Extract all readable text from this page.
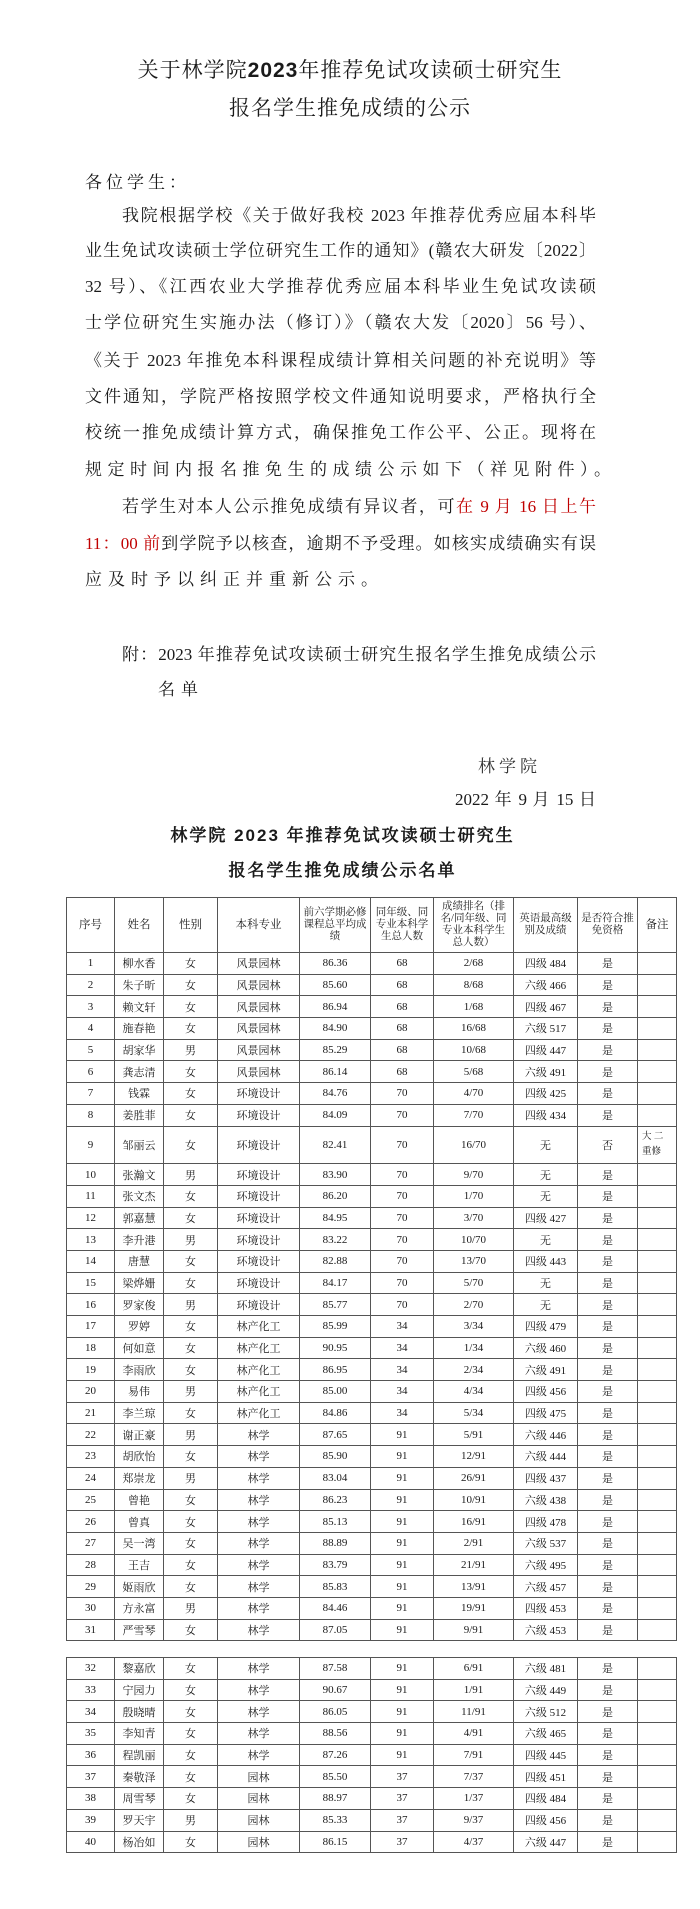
关于林学院2023年推荐免试攻读硕士研究生
报名学生推免成绩的公示
各位学生：
我院根据学校《关于做好我校 2023 年推荐优秀应届本科毕
业生免试攻读硕士学位研究生工作的通知》(赣农大研发〔2022〕
32 号）、《江西农业大学推荐优秀应届本科毕业生免试攻读硕
士学位研究生实施办法（修订）》（赣农大发〔2020〕56 号）、
《关于 2023 年推免本科课程成绩计算相关问题的补充说明》等
文件通知，学院严格按照学校文件通知说明要求，严格执行全
校统一推免成绩计算方式，确保推免工作公平、公正。现将在
规定时间内报名推免生的成绩公示如下（祥见附件）。
若学生对本人公示推免成绩有异议者，可在 9 月 16 日上午
11：00 前到学院予以核查，逾期不予受理。如核实成绩确实有误
应及时予以纠正并重新公示。
附：2023 年推荐免试攻读硕士研究生报名学生推免成绩公示
名单
林学院
2022 年 9 月 15 日
林学院 2023 年推荐免试攻读硕士研究生
报名学生推免成绩公示名单
序号	姓名	性别	本科专业	前六学期必修课程总平均成绩	同年级、同专业本科学生总人数	成绩排名（排名/同年级、同专业本科学生总人数）	英语最高级别及成绩	是否符合推免资格	备注
1	柳水香	女	风景园林	86.36	68	2/68	四级 484	是	
2	朱子昕	女	风景园林	85.60	68	8/68	六级 466	是	
3	赖文轩	女	风景园林	86.94	68	1/68	四级 467	是	
4	施春艳	女	风景园林	84.90	68	16/68	六级 517	是	
5	胡家华	男	风景园林	85.29	68	10/68	四级 447	是	
6	龚志清	女	风景园林	86.14	68	5/68	六级 491	是	
7	钱霖	女	环境设计	84.76	70	4/70	四级 425	是	
8	姜胜菲	女	环境设计	84.09	70	7/70	四级 434	是	
9	邹丽云	女	环境设计	82.41	70	16/70	无	否	大 二 重修
10	张瀚文	男	环境设计	83.90	70	9/70	无	是	
11	张文杰	女	环境设计	86.20	70	1/70	无	是	
12	郭嘉慧	女	环境设计	84.95	70	3/70	四级 427	是	
13	李升港	男	环境设计	83.22	70	10/70	无	是	
14	唐慧	女	环境设计	82.88	70	13/70	四级 443	是	
15	梁烨姗	女	环境设计	84.17	70	5/70	无	是	
16	罗家俊	男	环境设计	85.77	70	2/70	无	是	
17	罗婷	女	林产化工	85.99	34	3/34	四级 479	是	
18	何如意	女	林产化工	90.95	34	1/34	六级 460	是	
19	李雨欣	女	林产化工	86.95	34	2/34	六级 491	是	
20	易伟	男	林产化工	85.00	34	4/34	四级 456	是	
21	李兰琼	女	林产化工	84.86	34	5/34	四级 475	是	
22	谢正豪	男	林学	87.65	91	5/91	六级 446	是	
23	胡欣怡	女	林学	85.90	91	12/91	六级 444	是	
24	郑崇龙	男	林学	83.04	91	26/91	四级 437	是	
25	曾艳	女	林学	86.23	91	10/91	六级 438	是	
26	曾真	女	林学	85.13	91	16/91	四级 478	是	
27	吴一湾	女	林学	88.89	91	2/91	六级 537	是	
28	王吉	女	林学	83.79	91	21/91	六级 495	是	
29	姬雨欣	女	林学	85.83	91	13/91	六级 457	是	
30	方永富	男	林学	84.46	91	19/91	四级 453	是	
31	严雪琴	女	林学	87.05	91	9/91	六级 453	是	
32	黎嘉欣	女	林学	87.58	91	6/91	六级 481	是	
33	宁园力	女	林学	90.67	91	1/91	六级 449	是	
34	殷晓晴	女	林学	86.05	91	11/91	六级 512	是	
35	李知青	女	林学	88.56	91	4/91	六级 465	是	
36	程凯丽	女	林学	87.26	91	7/91	四级 445	是	
37	秦敬泽	女	园林	85.50	37	7/37	四级 451	是	
38	周雪琴	女	园林	88.97	37	1/37	四级 484	是	
39	罗天宇	男	园林	85.33	37	9/37	四级 456	是	
40	杨冶如	女	园林	86.15	37	4/37	六级 447	是	
